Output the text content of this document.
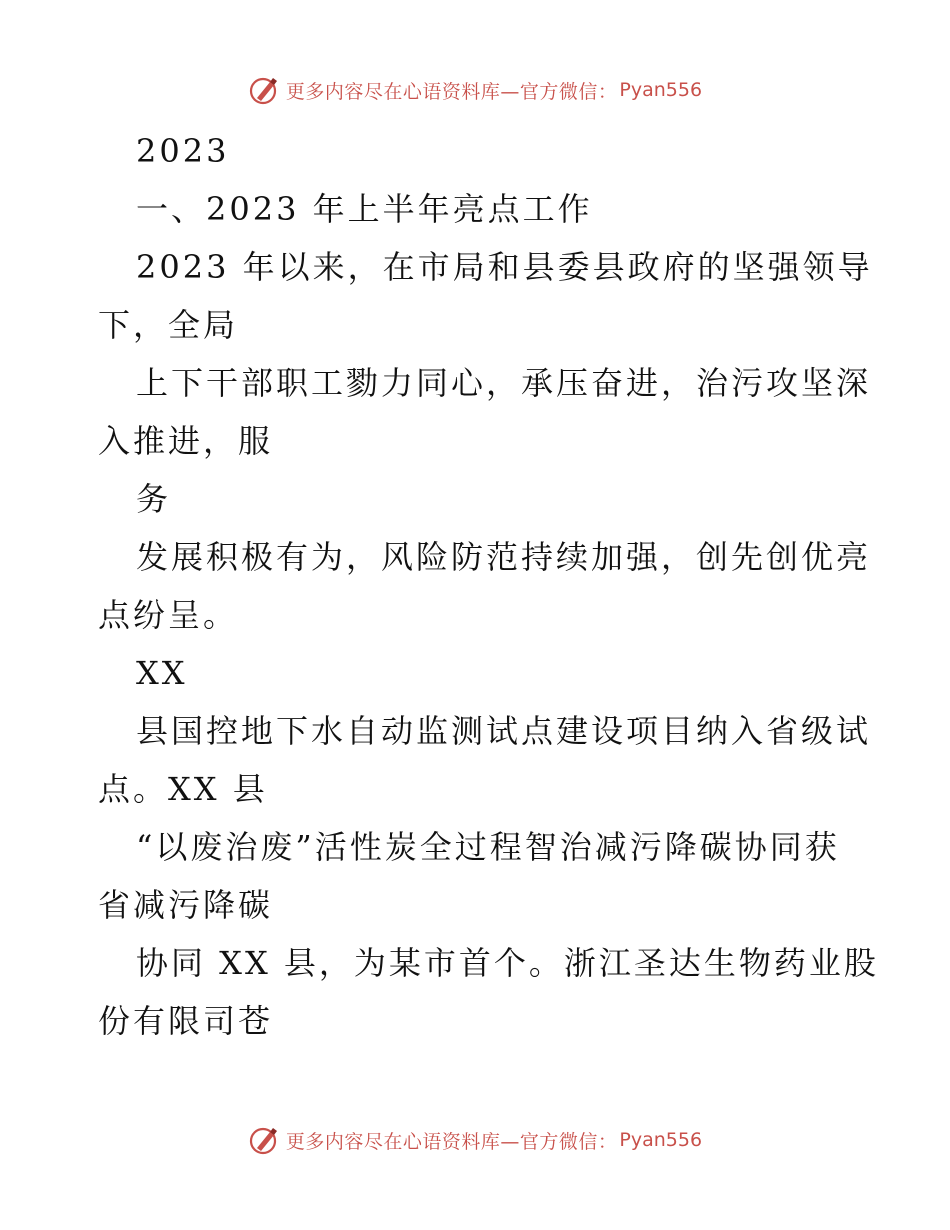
更多内容尽在心语资料库—官方微信： Pyan556
2023
一、2023 年上半年亮点工作
2023 年以来，在市局和县委县政府的坚强领导
下，全局
上下干部职工勠力同心，承压奋进，治污攻坚深
入推进，服
务
发展积极有为，风险防范持续加强，创先创优亮
点纷呈。
XX
县国控地下水自动监测试点建设项目纳入省级试
点。XX 县
“以废治废”活性炭全过程智治减污降碳协同获
省减污降碳
协同 XX 县，为某市首个。浙江圣达生物药业股
份有限司苍
更多内容尽在心语资料库—官方微信： Pyan556
